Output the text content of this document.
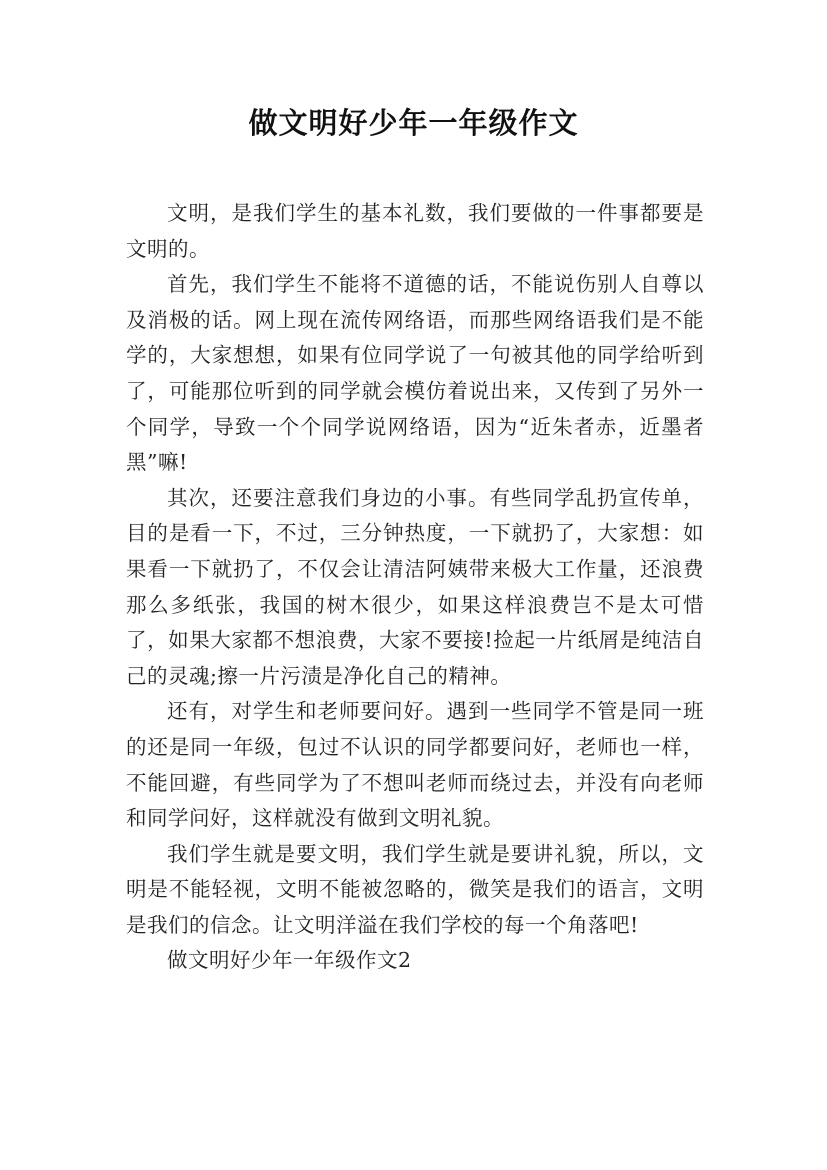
做文明好少年一年级作文

文明，是我们学生的基本礼数，我们要做的一件事都要是文明的。

首先，我们学生不能将不道德的话，不能说伤别人自尊以及消极的话。网上现在流传网络语，而那些网络语我们是不能学的，大家想想，如果有位同学说了一句被其他的同学给听到了，可能那位听到的同学就会模仿着说出来，又传到了另外一个同学，导致一个个同学说网络语，因为“近朱者赤，近墨者黑”嘛!

其次，还要注意我们身边的小事。有些同学乱扔宣传单，目的是看一下，不过，三分钟热度，一下就扔了，大家想：如果看一下就扔了，不仅会让清洁阿姨带来极大工作量，还浪费那么多纸张，我国的树木很少，如果这样浪费岂不是太可惜了，如果大家都不想浪费，大家不要接!捡起一片纸屑是纯洁自己的灵魂;擦一片污渍是净化自己的精神。

还有，对学生和老师要问好。遇到一些同学不管是同一班的还是同一年级，包过不认识的同学都要问好，老师也一样，不能回避，有些同学为了不想叫老师而绕过去，并没有向老师和同学问好，这样就没有做到文明礼貌。

我们学生就是要文明，我们学生就是要讲礼貌，所以，文明是不能轻视，文明不能被忽略的，微笑是我们的语言，文明是我们的信念。让文明洋溢在我们学校的每一个角落吧!

做文明好少年一年级作文2
